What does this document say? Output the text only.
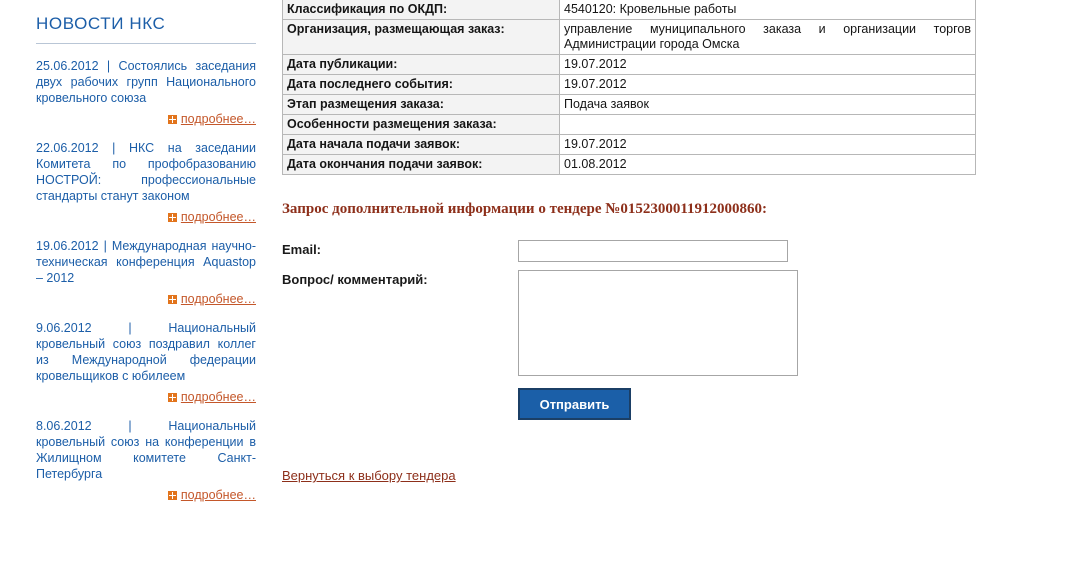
НОВОСТИ НКС
25.06.2012 | Состоялись заседания двух рабочих групп Национального кровельного союза
подробнее…
22.06.2012 | НКС на заседании Комитета по профобразованию НОСТРОЙ: профессиональные стандарты станут законом
подробнее…
19.06.2012 | Международная научно-техническая конференция Aquastop – 2012
подробнее…
9.06.2012 | Национальный кровельный союз поздравил коллег из Международной федерации кровельщиков с юбилеем
подробнее…
8.06.2012 | Национальный кровельный союз на конференции в Жилищном комитете Санкт-Петербурга
подробнее…
Классификация по ОКДП:	4540120: Кровельные работы
Организация, размещающая заказ:	управление муниципального заказа и организации торгов
Администрации города Омска
Дата публикации:	19.07.2012
Дата последнего события:	19.07.2012
Этап размещения заказа:	Подача заявок
Особенности размещения заказа:	
Дата начала подачи заявок:	19.07.2012
Дата окончания подачи заявок:	01.08.2012
Запрос дополнительной информации о тендере №0152300011912000860:
Email:
Вопрос/ комментарий:
Отправить
Вернуться к выбору тендера
